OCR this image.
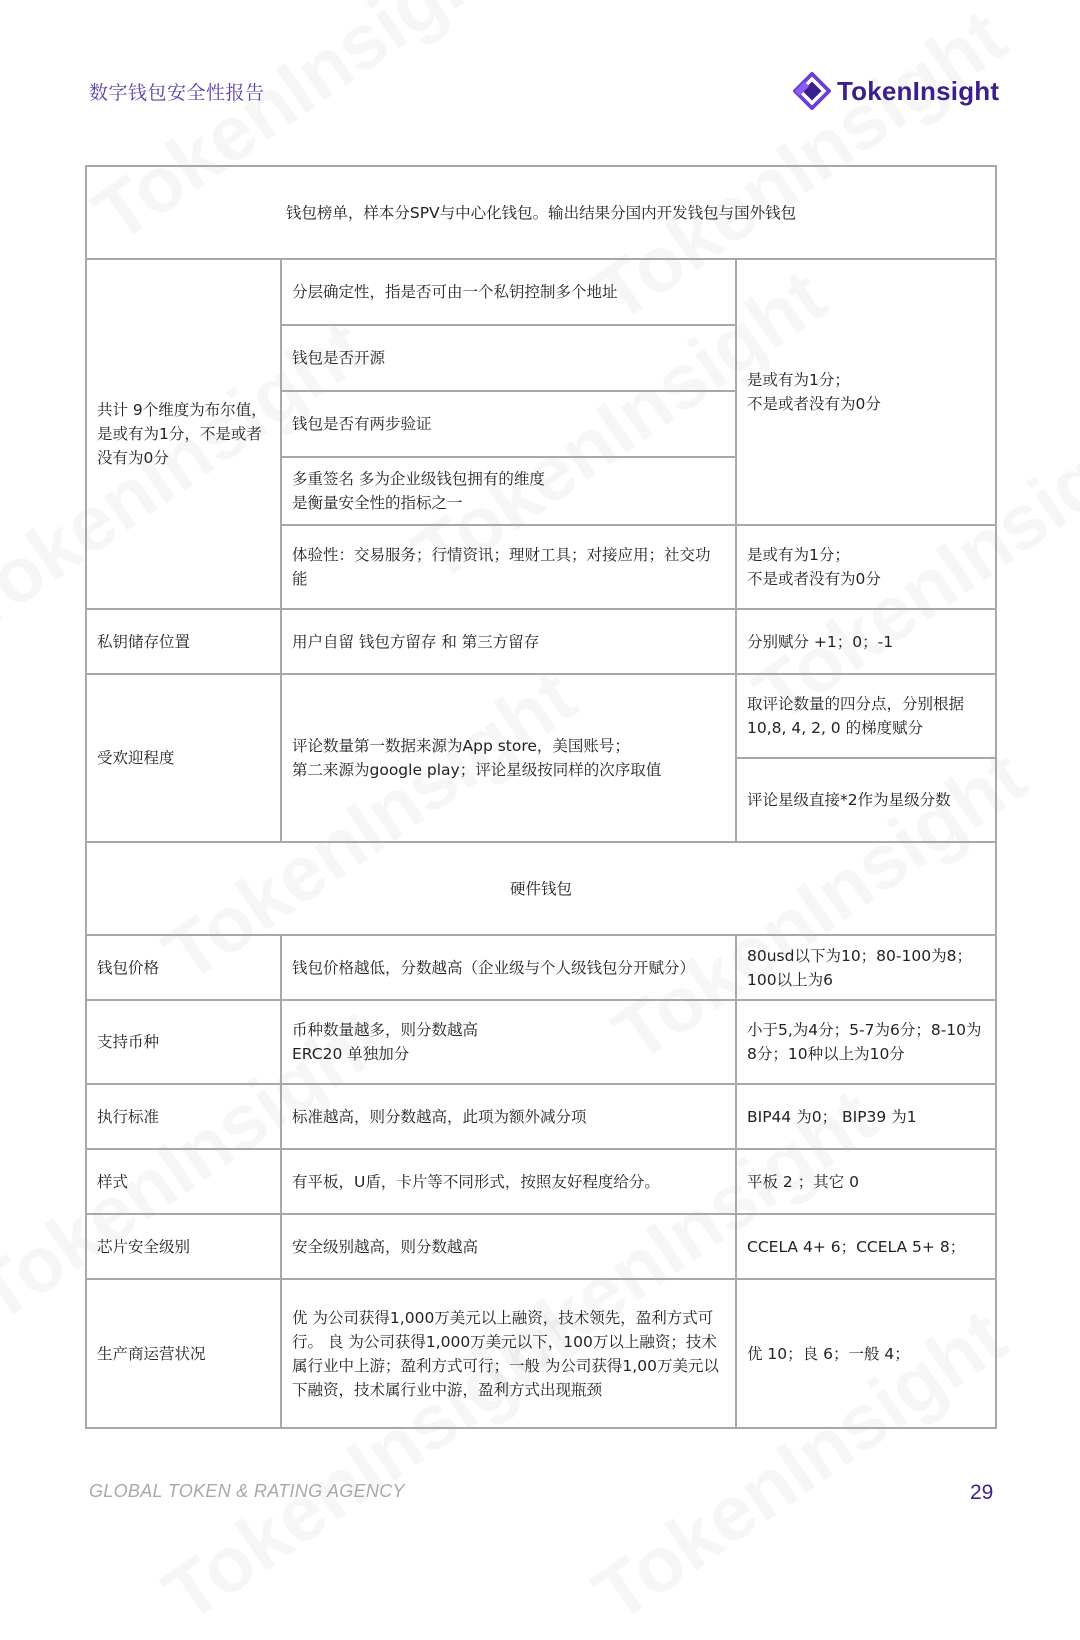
数字钱包安全性报告	TokenInsight
钱包榜单，样本分SPV与中心化钱包。输出结果分国内开发钱包与国外钱包		
共计 9个维度为布尔值，是或有为1分，不是或者没有为0分	分层确定性，指是否可由一个私钥控制多个地址	是或有为1分；
不是或者没有为0分
	钱包是否开源	
	钱包是否有两步验证	
	多重签名 多为企业级钱包拥有的维度
是衡量安全性的指标之一	
	体验性：交易服务；行情资讯；理财工具；对接应用；社交功能	是或有为1分；
不是或者没有为0分
私钥储存位置	用户自留 钱包方留存 和 第三方留存	分别赋分 +1；0；-1
受欢迎程度	评论数量第一数据来源为App store，美国账号；
第二来源为google play；评论星级按同样的次序取值	取评论数量的四分点，分别根据10,8, 4, 2, 0 的梯度赋分
		评论星级直接*2作为星级分数
硬件钱包		
钱包价格	钱包价格越低，分数越高（企业级与个人级钱包分开赋分）	80usd以下为10；80-100为8；100以上为6
支持币种	币种数量越多，则分数越高
ERC20 单独加分	小于5,为4分；5-7为6分；8-10为8分；10种以上为10分
执行标准	标准越高，则分数越高，此项为额外减分项	BIP44 为0； BIP39 为1
样式	有平板，U盾，卡片等不同形式，按照友好程度给分。	平板 2 ；其它 0
芯片安全级别	安全级别越高，则分数越高	CCELA 4+ 6；CCELA 5+ 8；
生产商运营状况	优 为公司获得1,000万美元以上融资，技术领先，盈利方式可行。 良 为公司获得1,000万美元以下，100万以上融资；技术属行业中上游；盈利方式可行；一般 为公司获得1,00万美元以下融资，技术属行业中游，盈利方式出现瓶颈	优 10；良 6；一般 4；
GLOBAL TOKEN & RATING AGENCY	29
